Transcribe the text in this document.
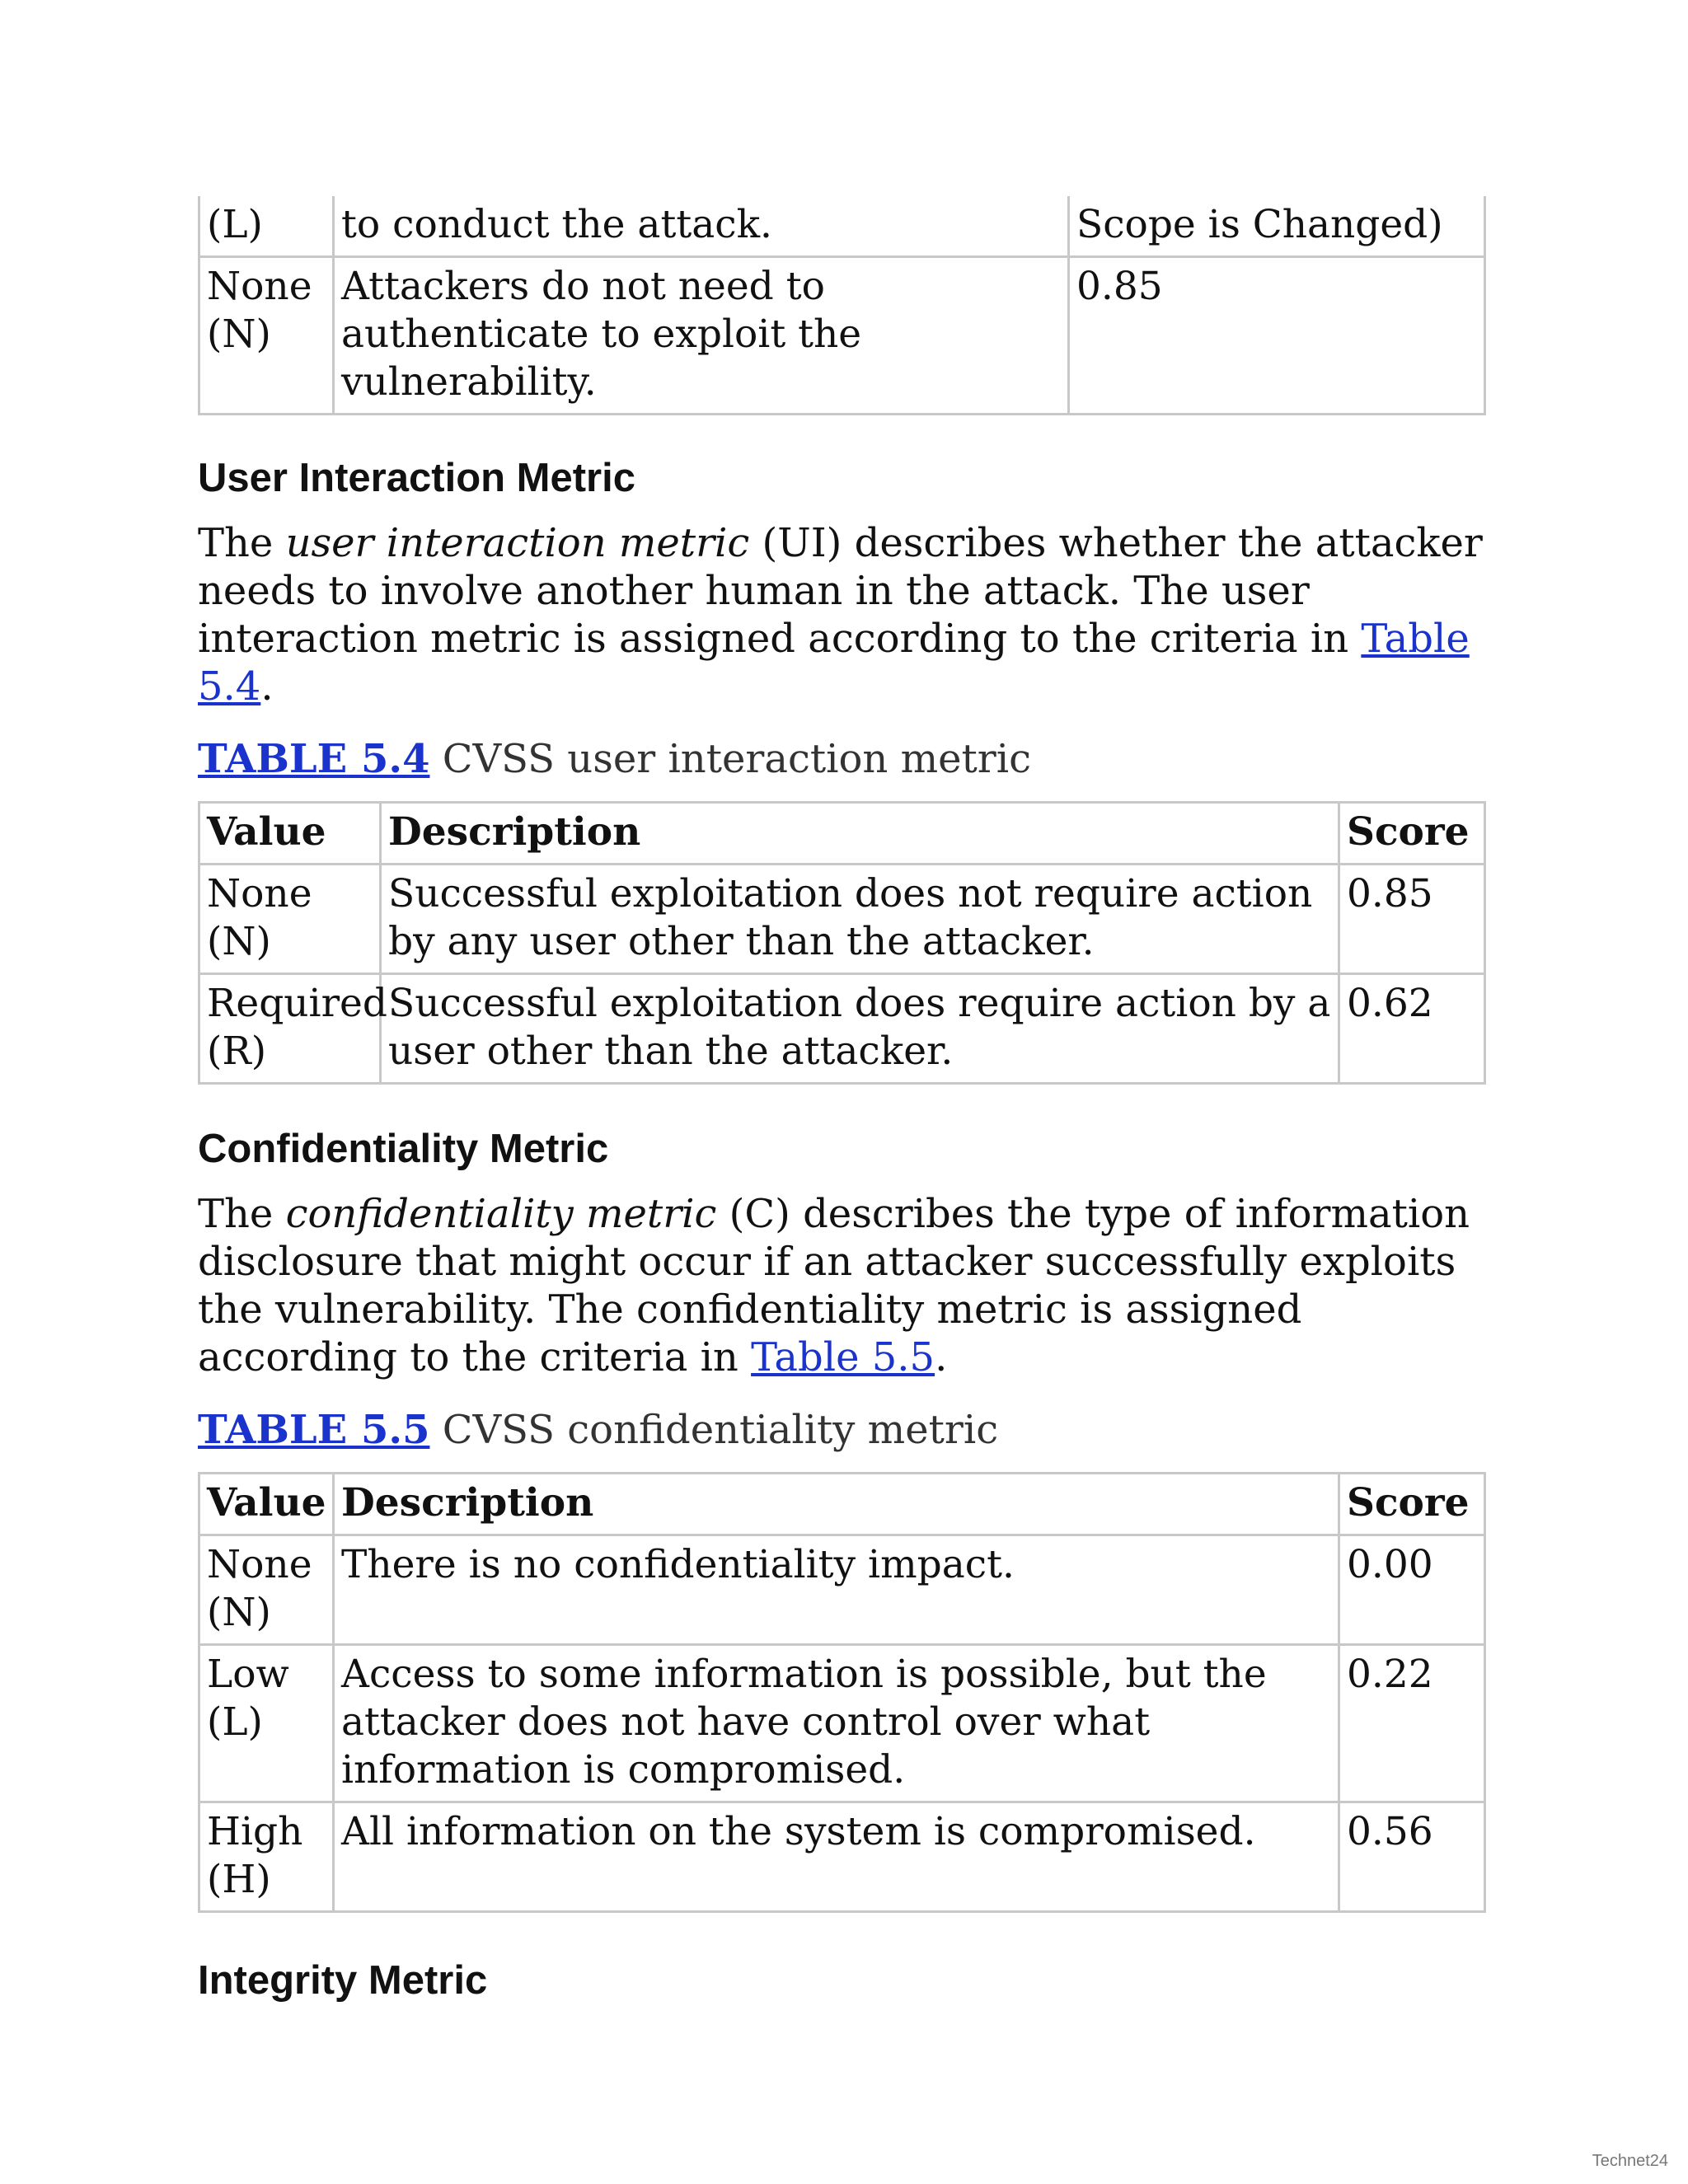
(L)	to conduct the attack.	Scope is Changed)
None (N)	Attackers do not need to authenticate to exploit the vulnerability.	0.85
User Interaction Metric

The user interaction metric (UI) describes whether the attacker needs to involve another human in the attack. The user interaction metric is assigned according to the criteria in Table 5.4.

TABLE 5.4 CVSS user interaction metric

Value	Description	Score
None (N)	Successful exploitation does not require action by any user other than the attacker.	0.85
Required (R)	Successful exploitation does require action by a user other than the attacker.	0.62
Confidentiality Metric

The confidentiality metric (C) describes the type of information disclosure that might occur if an attacker successfully exploits the vulnerability. The confidentiality metric is assigned according to the criteria in Table 5.5.

TABLE 5.5 CVSS confidentiality metric

Value	Description	Score
None (N)	There is no confidentiality impact.	0.00
Low (L)	Access to some information is possible, but the attacker does not have control over what information is compromised.	0.22
High (H)	All information on the system is compromised.	0.56
Integrity Metric
Technet24
